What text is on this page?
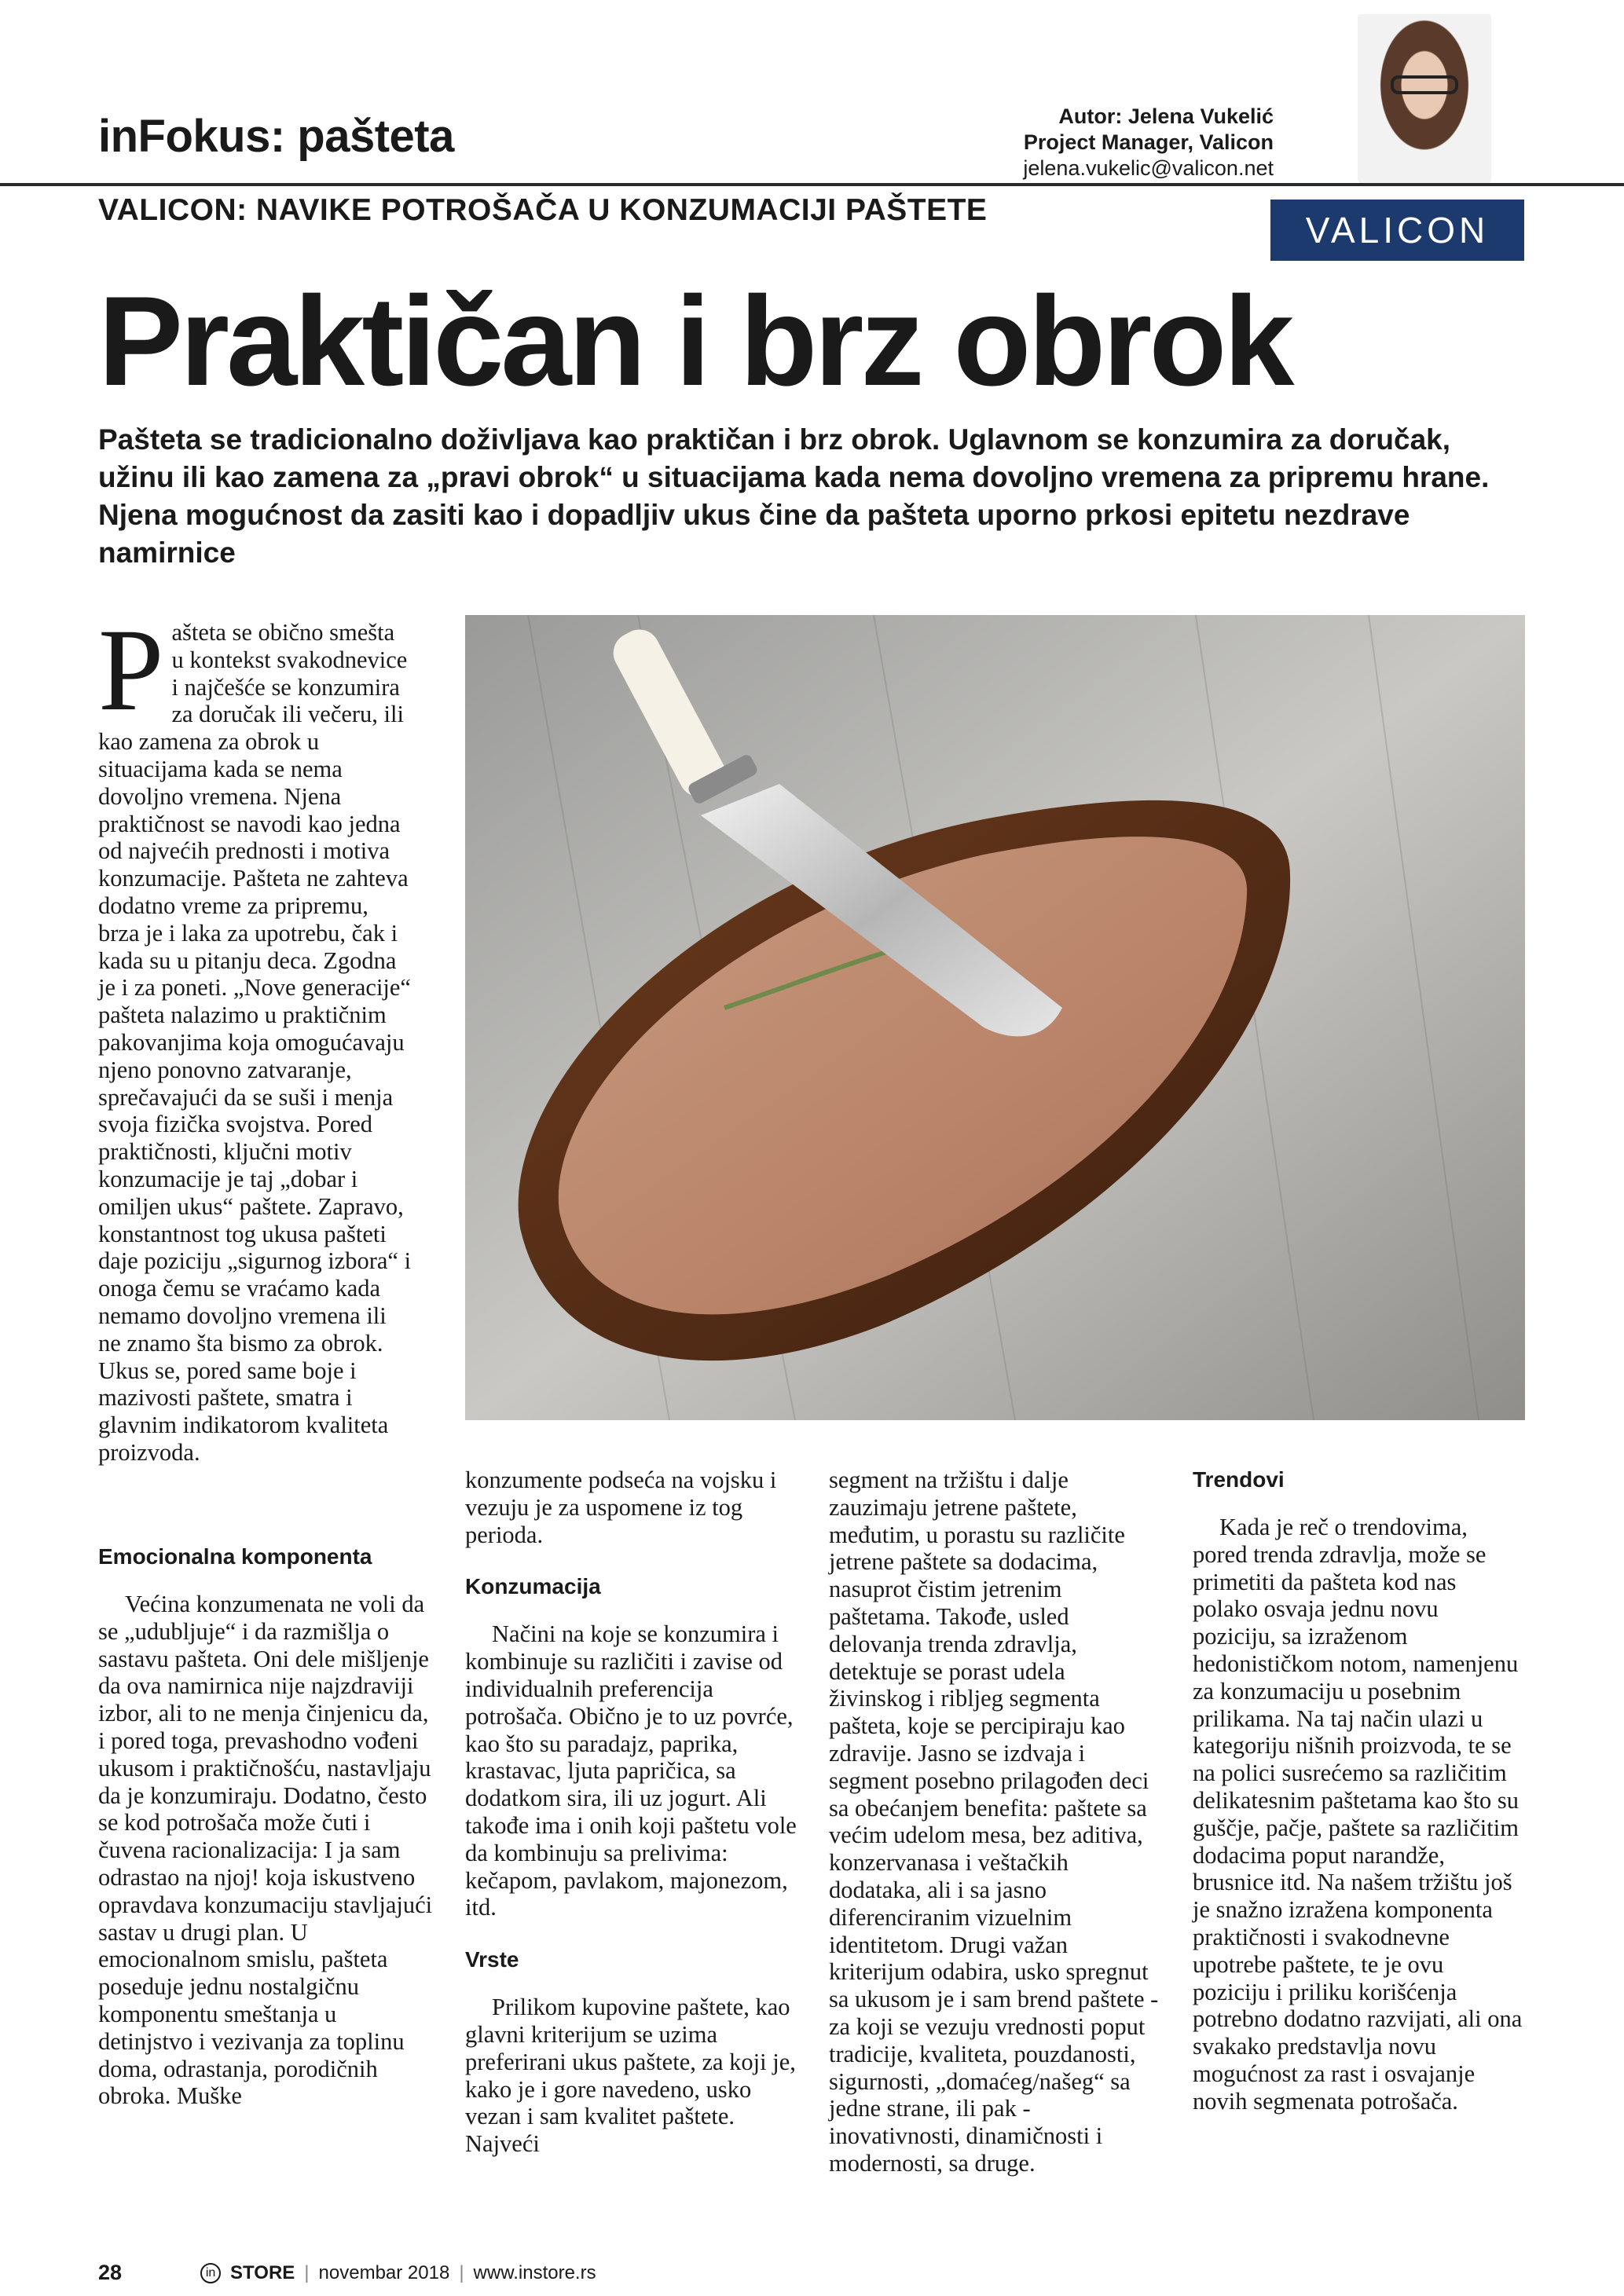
inFokus: pašteta	Autor: Jelena Vukelić
Project Manager, Valicon
jelena.vukelic@valicon.net
VALICON: NAVIKE POTROŠAČA U KONZUMACIJI PAŠTETE	VALICON
Praktičan i brz obrok
Pašteta se tradicionalno doživljava kao praktičan i brz obrok. Uglavnom se konzumira za doručak, užinu ili kao zamena za „pravi obrok“ u situacijama kada nema dovoljno vremena za pripremu hrane. Njena mogućnost da zasiti kao i dopadljiv ukus čine da pašteta uporno prkosi epitetu nezdrave namirnice

P ašteta se obično smešta u kontekst svakodnevice i najčešće se konzumira za doručak ili večeru, ili kao zamena za obrok u situacijama kada se nema dovoljno vremena. Njena praktičnost se navodi kao jedna od najvećih prednosti i motiva konzumacije. Pašteta ne zahteva dodatno vreme za pripremu, brza je i laka za upotrebu, čak i kada su u pitanju deca. Zgodna je i za poneti. „Nove generacije“ pašteta nalazimo u praktičnim pakovanjima koja omogućavaju njeno ponovno zatvaranje, sprečavajući da se suši i menja svoja fizička svojstva. Pored praktičnosti, ključni motiv konzumacije je taj „dobar i omiljen ukus“ paštete. Zapravo, konstantnost tog ukusa pašteti daje poziciju „sigurnog izbora“ i onoga čemu se vraćamo kada nemamo dovoljno vremena ili ne znamo šta bismo za obrok. Ukus se, pored same boje i mazivosti paštete, smatra i glavnim indikatorom kvaliteta proizvoda.

Emocionalna komponenta

Većina konzumenata ne voli da se „udubljuje“ i da razmišlja o sastavu pašteta. Oni dele mišljenje da ova namirnica nije najzdraviji izbor, ali to ne menja činjenicu da, i pored toga, prevashodno vođeni ukusom i praktičnošću, nastavljaju da je konzumiraju. Dodatno, često se kod potrošača može čuti i čuvena racionalizacija: I ja sam odrastao na njoj! koja iskustveno opravdava konzumaciju stavljajući sastav u drugi plan. U emocionalnom smislu, pašteta poseduje jednu nostalgičnu komponentu smeštanja u detinjstvo i vezivanja za toplinu doma, odrastanja, porodičnih obroka. Muške

konzumente podseća na vojsku i vezuju je za uspomene iz tog perioda.

Konzumacija

Načini na koje se konzumira i kombinuje su različiti i zavise od individualnih preferencija potrošača. Obično je to uz povrće, kao što su paradajz, paprika, krastavac, ljuta papričica, sa dodatkom sira, ili uz jogurt. Ali takođe ima i onih koji paštetu vole da kombinuju sa prelivima: kečapom, pavlakom, majonezom, itd.

Vrste

Prilikom kupovine paštete, kao glavni kriterijum se uzima preferirani ukus paštete, za koji je, kako je i gore navedeno, usko vezan i sam kvalitet paštete. Najveći

segment na tržištu i dalje zauzimaju jetrene paštete, međutim, u porastu su različite jetrene paštete sa dodacima, nasuprot čistim jetrenim paštetama. Takođe, usled delovanja trenda zdravlja, detektuje se porast udela živinskog i ribljeg segmenta pašteta, koje se percipiraju kao zdravije. Jasno se izdvaja i segment posebno prilagođen deci sa obećanjem benefita: paštete sa većim udelom mesa, bez aditiva, konzervanasa i veštačkih dodataka, ali i sa jasno diferenciranim vizuelnim identitetom. Drugi važan kriterijum odabira, usko spregnut sa ukusom je i sam brend paštete - za koji se vezuju vrednosti poput tradicije, kvaliteta, pouzdanosti, sigurnosti, „domaćeg/našeg“ sa jedne strane, ili pak - inovativnosti, dinamičnosti i modernosti, sa druge.

Trendovi

Kada je reč o trendovima, pored trenda zdravlja, može se primetiti da pašteta kod nas polako osvaja jednu novu poziciju, sa izraženom hedonističkom notom, namenjenu za konzumaciju u posebnim prilikama. Na taj način ulazi u kategoriju nišnih proizvoda, te se na polici susrećemo sa različitim delikatesnim paštetama kao što su guščje, pačje, paštete sa različitim dodacima poput narandže, brusnice itd. Na našem tržištu još je snažno izražena komponenta praktičnosti i svakodnevne upotrebe paštete, te je ovu poziciju i priliku korišćenja potrebno dodatno razvijati, ali ona svakako predstavlja novu mogućnost za rast i osvajanje novih segmenata potrošača.

28	in STORE | novembar 2018 | www.instore.rs
